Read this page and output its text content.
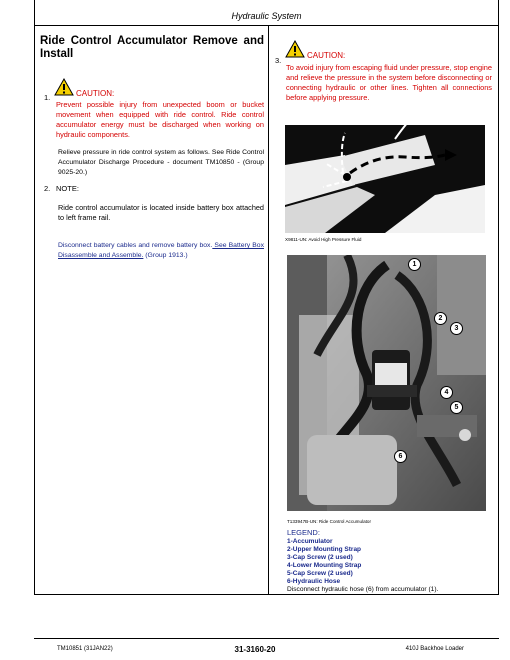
Hydraulic System
Ride Control Accumulator Remove and Install
1.	CAUTION:
Prevent possible injury from unexpected boom or bucket movement when equipped with ride control. Ride control accumulator energy must be discharged when working on hydraulic components.
Relieve pressure in ride control system as follows. See Ride Control Accumulator Discharge Procedure - document TM10850 - (Group 9025-20.)
2. NOTE:
Ride control accumulator is located inside battery box attached to left frame rail.
Disconnect battery cables and remove battery box. See Battery Box Disassemble and Assemble. (Group 1913.)
3.
CAUTION:
To avoid injury from escaping fluid under pressure, stop engine and relieve the pressure in the system before disconnecting or connecting hydraulic or other lines. Tighten all connections before applying pressure.
X9811-UN: Avoid High Pressure Fluid
1
2
3
4
5
6
T133947B-UN: Ride Control Accumulator
LEGEND:
1-Accumulator
2-Upper Mounting Strap
3-Cap Screw (2 used)
4-Lower Mounting Strap
5-Cap Screw (2 used)
6-Hydraulic Hose
Disconnect hydraulic hose (6) from accumulator (1).
TM10851 (31JAN22)	31-3160-20	410J Backhoe Loader
